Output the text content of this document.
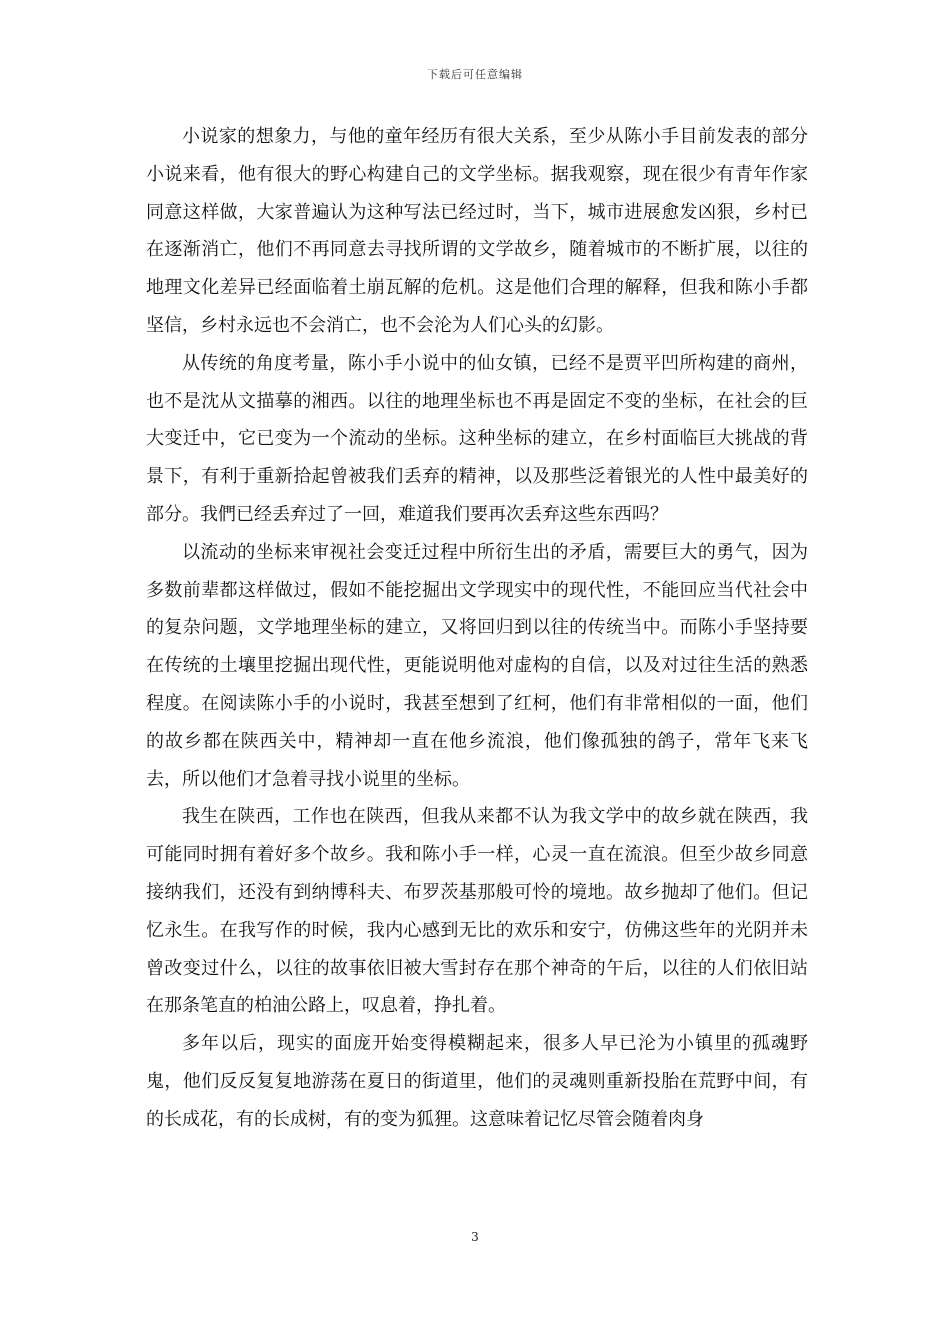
下载后可任意编辑

小说家的想象力，与他的童年经历有很大关系，至少从陈小手目前发表的部分小说来看，他有很大的野心构建自己的文学坐标。据我观察，现在很少有青年作家同意这样做，大家普遍认为这种写法已经过时，当下，城市进展愈发凶狠，乡村已在逐渐消亡，他们不再同意去寻找所谓的文学故乡，随着城市的不断扩展，以往的地理文化差异已经面临着土崩瓦解的危机。这是他们合理的解释，但我和陈小手都坚信，乡村永远也不会消亡，也不会沦为人们心头的幻影。

从传统的角度考量，陈小手小说中的仙女镇，已经不是贾平凹所构建的商州，也不是沈从文描摹的湘西。以往的地理坐标也不再是固定不变的坐标，在社会的巨大变迁中，它已变为一个流动的坐标。这种坐标的建立，在乡村面临巨大挑战的背景下，有利于重新拾起曾被我们丢弃的精神，以及那些泛着银光的人性中最美好的部分。我們已经丢弃过了一回，难道我们要再次丢弃这些东西吗？

以流动的坐标来审视社会变迁过程中所衍生出的矛盾，需要巨大的勇气，因为多数前辈都这样做过，假如不能挖掘出文学现实中的现代性，不能回应当代社会中的复杂问题，文学地理坐标的建立，又将回归到以往的传统当中。而陈小手坚持要在传统的土壤里挖掘出现代性，更能说明他对虚构的自信，以及对过往生活的熟悉程度。在阅读陈小手的小说时，我甚至想到了红柯，他们有非常相似的一面，他们的故乡都在陕西关中，精神却一直在他乡流浪，他们像孤独的鸽子，常年飞来飞去，所以他们才急着寻找小说里的坐标。

我生在陕西，工作也在陕西，但我从来都不认为我文学中的故乡就在陕西，我可能同时拥有着好多个故乡。我和陈小手一样，心灵一直在流浪。但至少故乡同意接纳我们，还没有到纳博科夫、布罗茨基那般可怜的境地。故乡抛却了他们。但记忆永生。在我写作的时候，我内心感到无比的欢乐和安宁，仿佛这些年的光阴并未曾改变过什么，以往的故事依旧被大雪封存在那个神奇的午后，以往的人们依旧站在那条笔直的柏油公路上，叹息着，挣扎着。

多年以后，现实的面庞开始变得模糊起来，很多人早已沦为小镇里的孤魂野鬼，他们反反复复地游荡在夏日的街道里，他们的灵魂则重新投胎在荒野中间，有的长成花，有的长成树，有的变为狐狸。这意味着记忆尽管会随着肉身

3
